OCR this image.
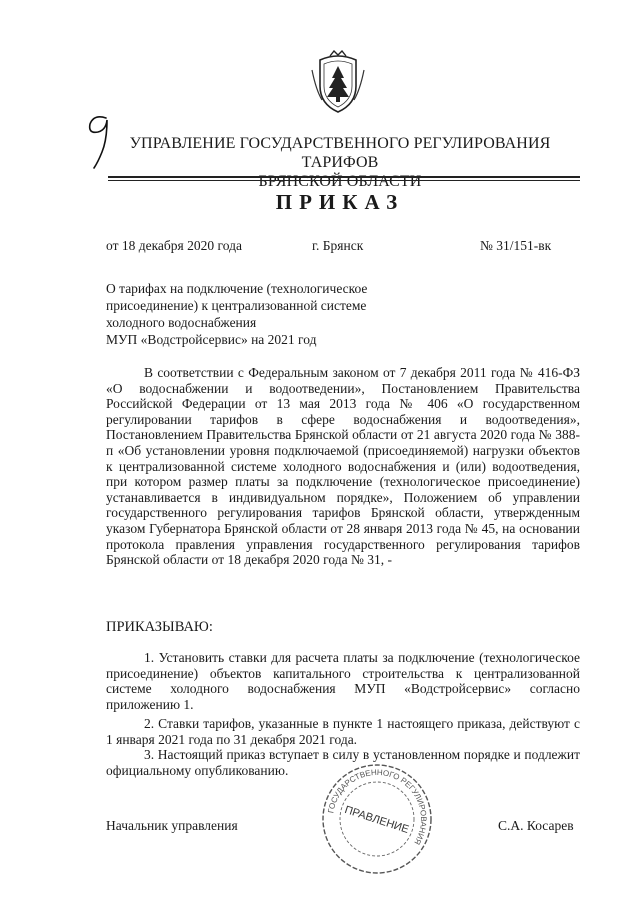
УПРАВЛЕНИЕ ГОСУДАРСТВЕННОГО РЕГУЛИРОВАНИЯ ТАРИФОВ
БРЯНСКОЙ ОБЛАСТИ
ПРИКАЗ
от 18 декабря 2020 года	г. Брянск	№ 31/151-вк
О тарифах на подключение (технологическое
присоединение) к централизованной системе
холодного водоснабжения
МУП «Водстройсервис» на 2021 год

В соответствии с Федеральным законом от 7 декабря 2011 года № 416-ФЗ «О водоснабжении и водоотведении», Постановлением Правительства Российской Федерации от 13 мая 2013 года № 406 «О государственном регулировании тарифов в сфере водоснабжения и водоотведения», Постановлением Правительства Брянской области от 21 августа 2020 года № 388-п «Об установлении уровня подключаемой (присоединяемой) нагрузки объектов к централизованной системе холодного водоснабжения и (или) водоотведения, при котором размер платы за подключение (технологическое присоединение) устанавливается в индивидуальном порядке», Положением об управлении государственного регулирования тарифов Брянской области, утвержденным указом Губернатора Брянской области от 28 января 2013 года № 45, на основании протокола правления управления государственного регулирования тарифов Брянской области от 18 декабря 2020 года № 31, -

ПРИКАЗЫВАЮ:

1. Установить ставки для расчета платы за подключение (технологическое присоединение) объектов капитального строительства к централизованной системе холодного водоснабжения МУП «Водстройсервис» согласно приложению 1.

2. Ставки тарифов, указанные в пункте 1 настоящего приказа, действуют с 1 января 2021 года по 31 декабря 2021 года.

3. Настоящий приказ вступает в силу в установленном порядке и подлежит официальному опубликованию.

Начальник управления	С.А. Косарев
ГОСУДАРСТВЕННОГО РЕГУЛИРОВАНИЯ
ПРАВЛЕНИЕ
